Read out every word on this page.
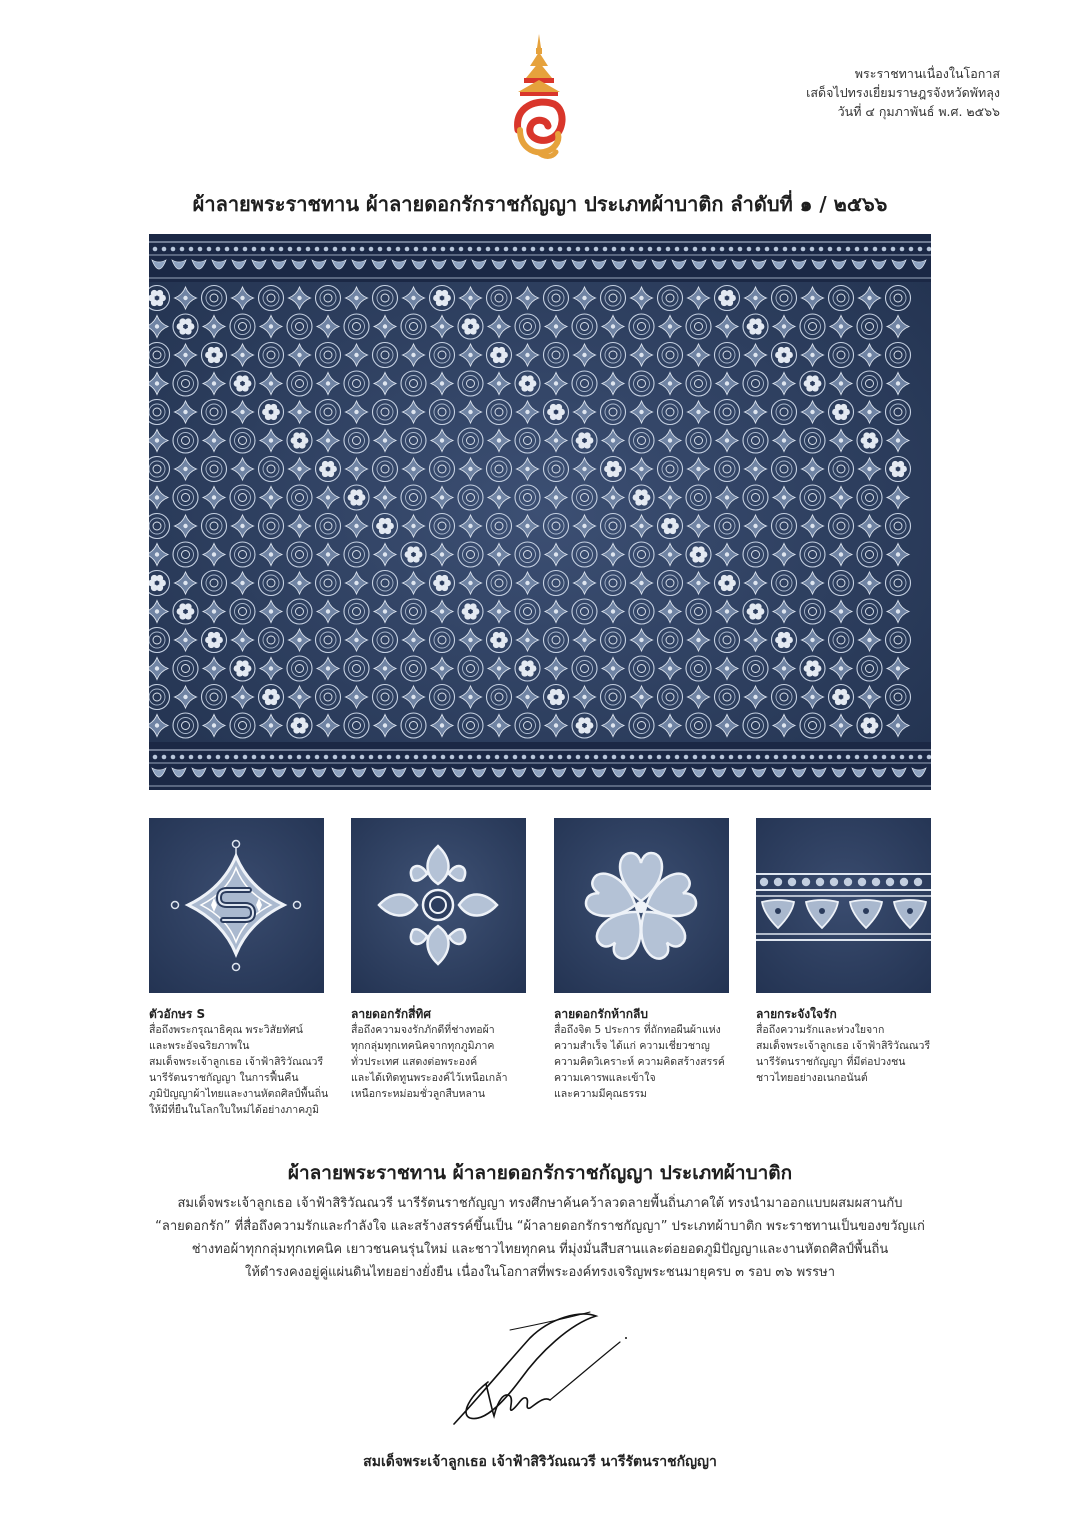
พระราชทานเนื่องในโอกาส
เสด็จไปทรงเยี่ยมราษฎรจังหวัดพัทลุง
วันที่ ๔ กุมภาพันธ์ พ.ศ. ๒๕๖๖
ผ้าลายพระราชทาน ผ้าลายดอกรักราชกัญญา ประเภทผ้าบาติก ลำดับที่ ๑ / ๒๕๖๖
ตัวอักษร S
สื่อถึงพระกรุณาธิคุณ พระวิสัยทัศน์
และพระอัจฉริยภาพใน
สมเด็จพระเจ้าลูกเธอ เจ้าฟ้าสิริวัณณวรี
นารีรัตนราชกัญญา ในการฟื้นคืน
ภูมิปัญญาผ้าไทยและงานหัตถศิลป์พื้นถิ่น
ให้มีที่ยืนในโลกใบใหม่ได้อย่างภาคภูมิ
ลายดอกรักสี่ทิศ
สื่อถึงความจงรักภักดีที่ช่างทอผ้า
ทุกกลุ่มทุกเทคนิคจากทุกภูมิภาค
ทั่วประเทศ แสดงต่อพระองค์
และได้เทิดทูนพระองค์ไว้เหนือเกล้า
เหนือกระหม่อมชั่วลูกสืบหลาน
ลายดอกรักห้ากลีบ
สื่อถึงจิต 5 ประการ ที่ถักทอผืนผ้าแห่ง
ความสำเร็จ ได้แก่ ความเชี่ยวชาญ
ความคิดวิเคราะห์ ความคิดสร้างสรรค์
ความเคารพและเข้าใจ
และความมีคุณธรรม
ลายกระจังใจรัก
สื่อถึงความรักและห่วงใยจาก
สมเด็จพระเจ้าลูกเธอ เจ้าฟ้าสิริวัณณวรี
นารีรัตนราชกัญญา ที่มีต่อปวงชน
ชาวไทยอย่างอเนกอนันต์
ผ้าลายพระราชทาน ผ้าลายดอกรักราชกัญญา ประเภทผ้าบาติก
สมเด็จพระเจ้าลูกเธอ เจ้าฟ้าสิริวัณณวรี นารีรัตนราชกัญญา ทรงศึกษาค้นคว้าลวดลายพื้นถิ่นภาคใต้ ทรงนำมาออกแบบผสมผสานกับ
“ลายดอกรัก” ที่สื่อถึงความรักและกำลังใจ และสร้างสรรค์ขึ้นเป็น “ผ้าลายดอกรักราชกัญญา” ประเภทผ้าบาติก พระราชทานเป็นของขวัญแก่
ช่างทอผ้าทุกกลุ่มทุกเทคนิค เยาวชนคนรุ่นใหม่ และชาวไทยทุกคน ที่มุ่งมั่นสืบสานและต่อยอดภูมิปัญญาและงานหัตถศิลป์พื้นถิ่น
ให้ดำรงคงอยู่คู่แผ่นดินไทยอย่างยั่งยืน เนื่องในโอกาสที่พระองค์ทรงเจริญพระชนมายุครบ ๓ รอบ ๓๖ พรรษา
สมเด็จพระเจ้าลูกเธอ เจ้าฟ้าสิริวัณณวรี นารีรัตนราชกัญญา
